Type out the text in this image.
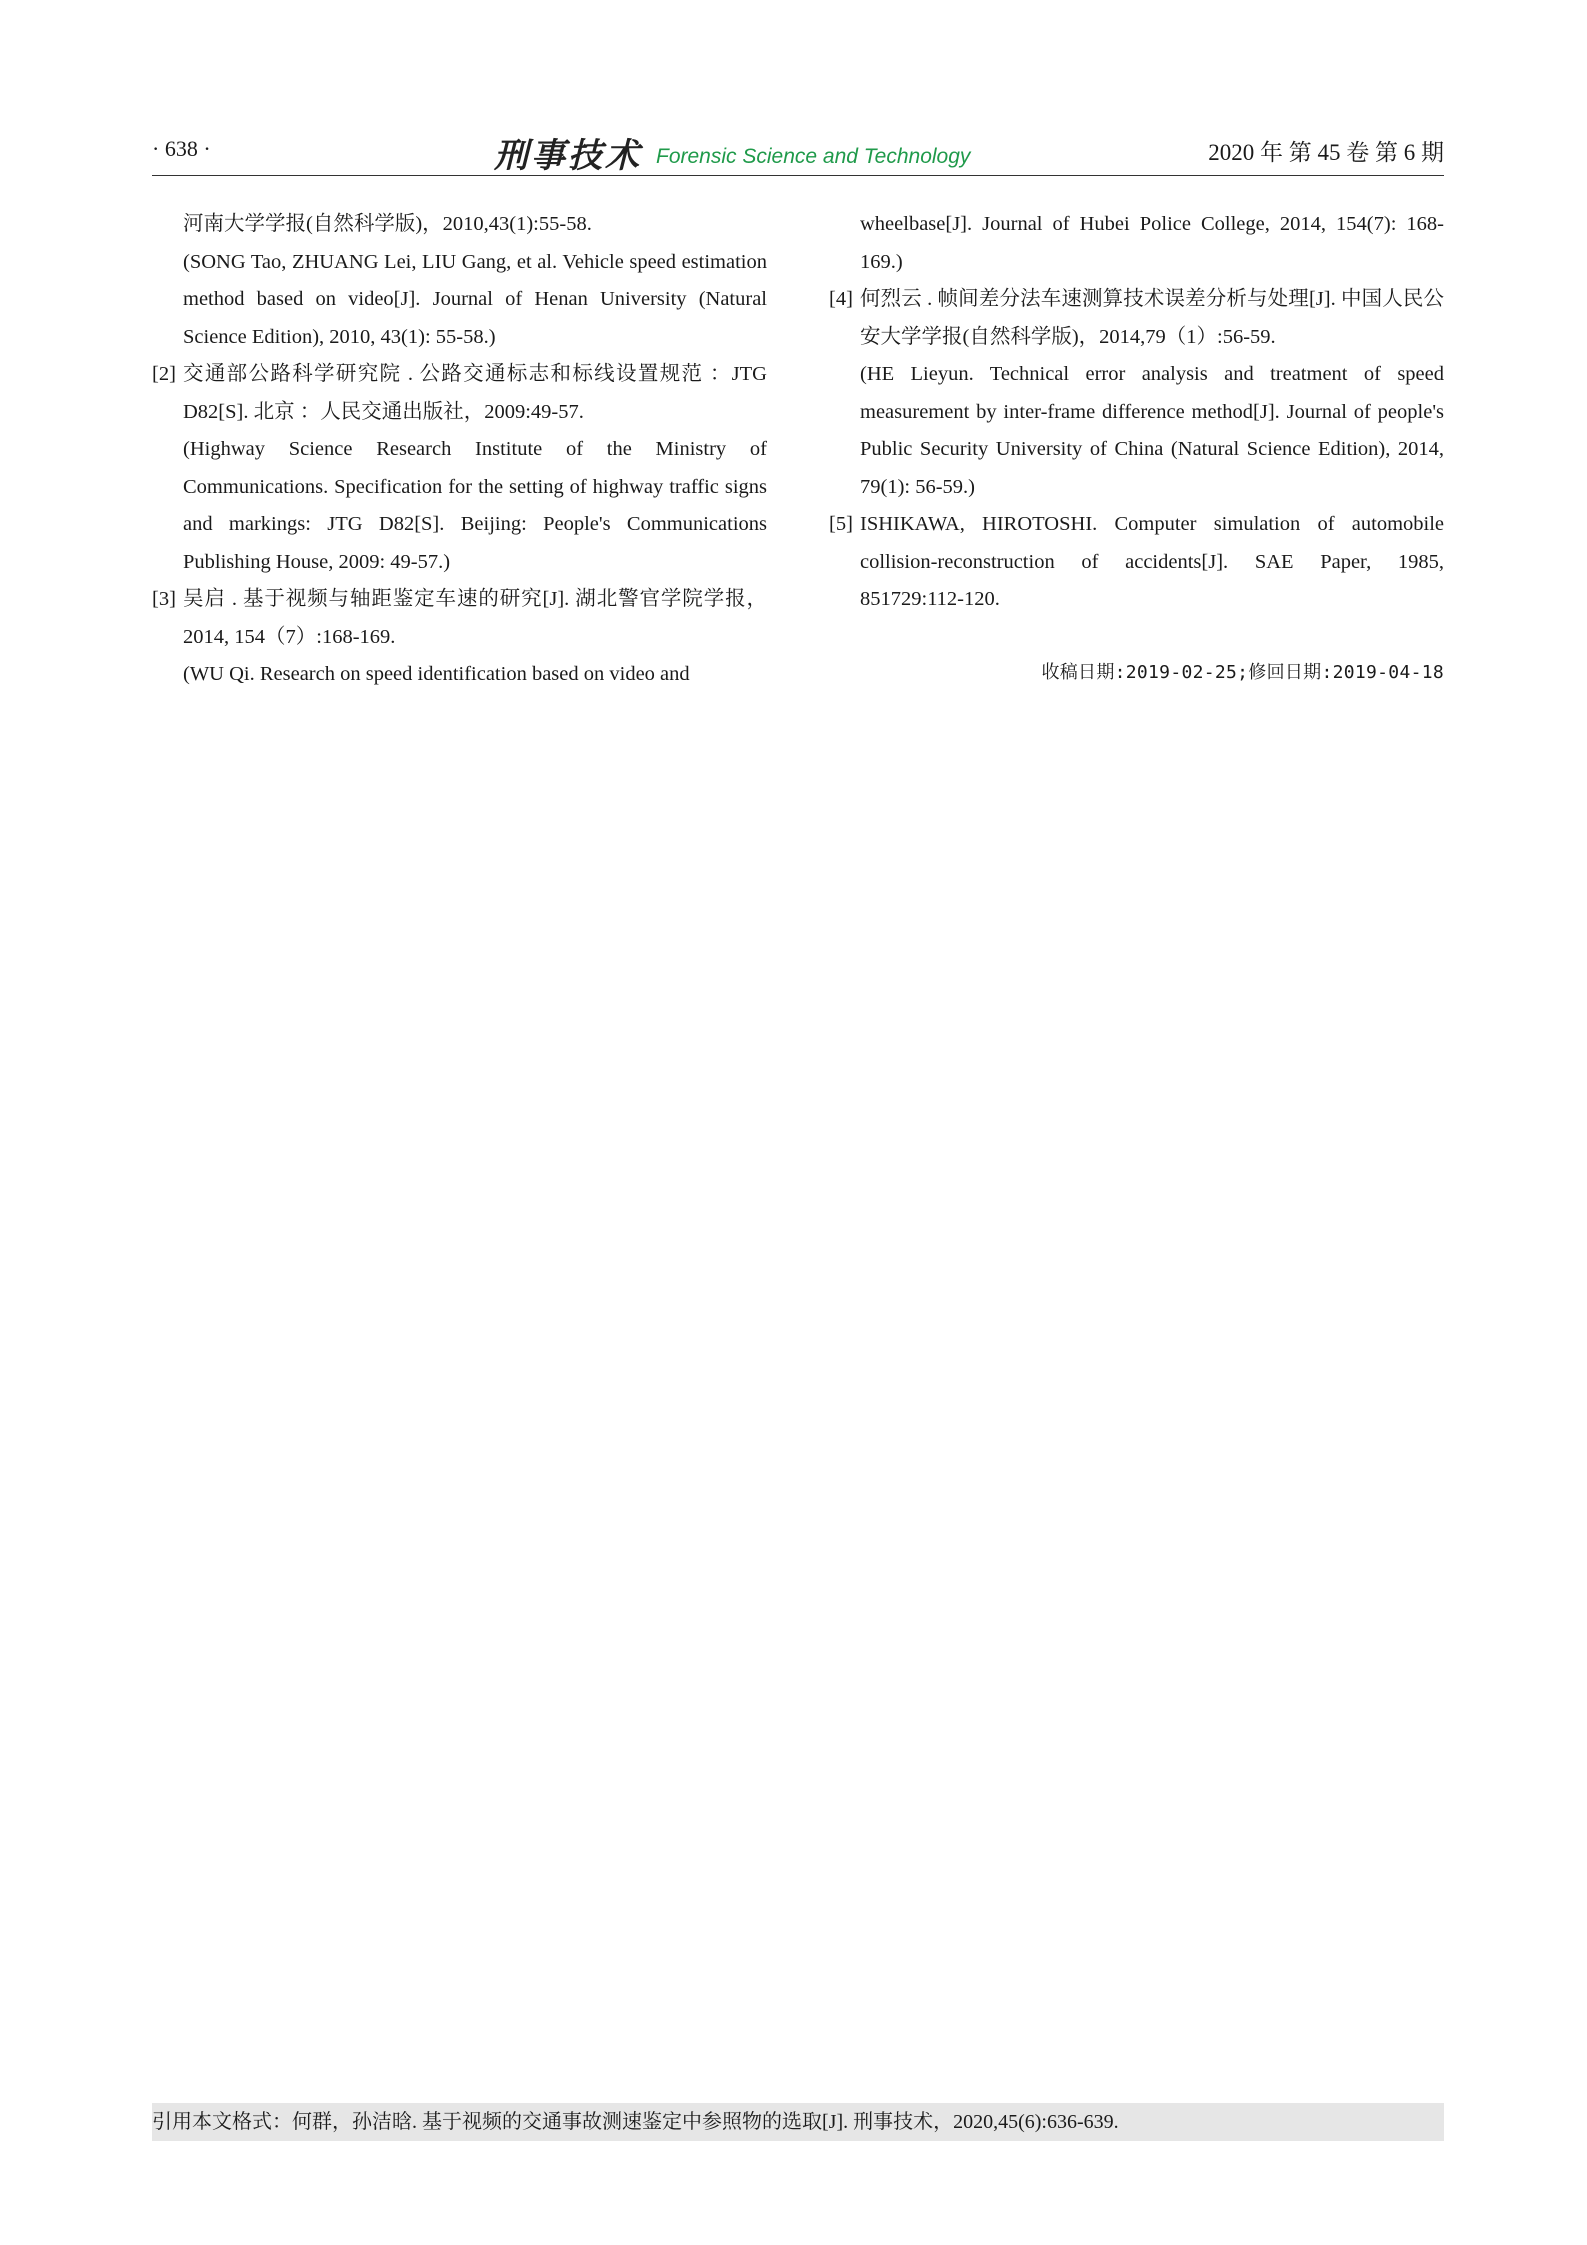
· 638 ·	刑事技术 Forensic Science and Technology	2020 年 第 45 卷 第 6 期

河南大学学报(自然科学版)，2010,43(1):55-58.

(SONG Tao, ZHUANG Lei, LIU Gang, et al. Vehicle speed estimation method based on video[J]. Journal of Henan University (Natural Science Edition), 2010, 43(1): 55-58.)

[2] 交通部公路科学研究院 . 公路交通标志和标线设置规范 ：JTG D82[S]. 北京 ：人民交通出版社，2009:49-57.

(Highway Science Research Institute of the Ministry of Communications. Specification for the setting of highway traffic signs and markings: JTG D82[S]. Beijing: People's Communications Publishing House, 2009: 49-57.)

[3] 吴启 . 基于视频与轴距鉴定车速的研究[J]. 湖北警官学院学报，2014, 154（7）:168-169.

(WU Qi. Research on speed identification based on video and

wheelbase[J]. Journal of Hubei Police College, 2014, 154(7): 168-169.)

[4] 何烈云 . 帧间差分法车速测算技术误差分析与处理[J]. 中国人民公安大学学报(自然科学版)，2014,79（1）:56-59.

(HE Lieyun. Technical error analysis and treatment of speed measurement by inter-frame difference method[J]. Journal of people's Public Security University of China (Natural Science Edition), 2014, 79(1): 56-59.)

[5] ISHIKAWA, HIROTOSHI. Computer simulation of automobile collision-reconstruction of accidents[J]. SAE Paper, 1985, 851729:112-120.

收稿日期:2019-02-25;修回日期:2019-04-18
引用本文格式：何群，孙洁晗. 基于视频的交通事故测速鉴定中参照物的选取[J]. 刑事技术，2020,45(6):636-639.
